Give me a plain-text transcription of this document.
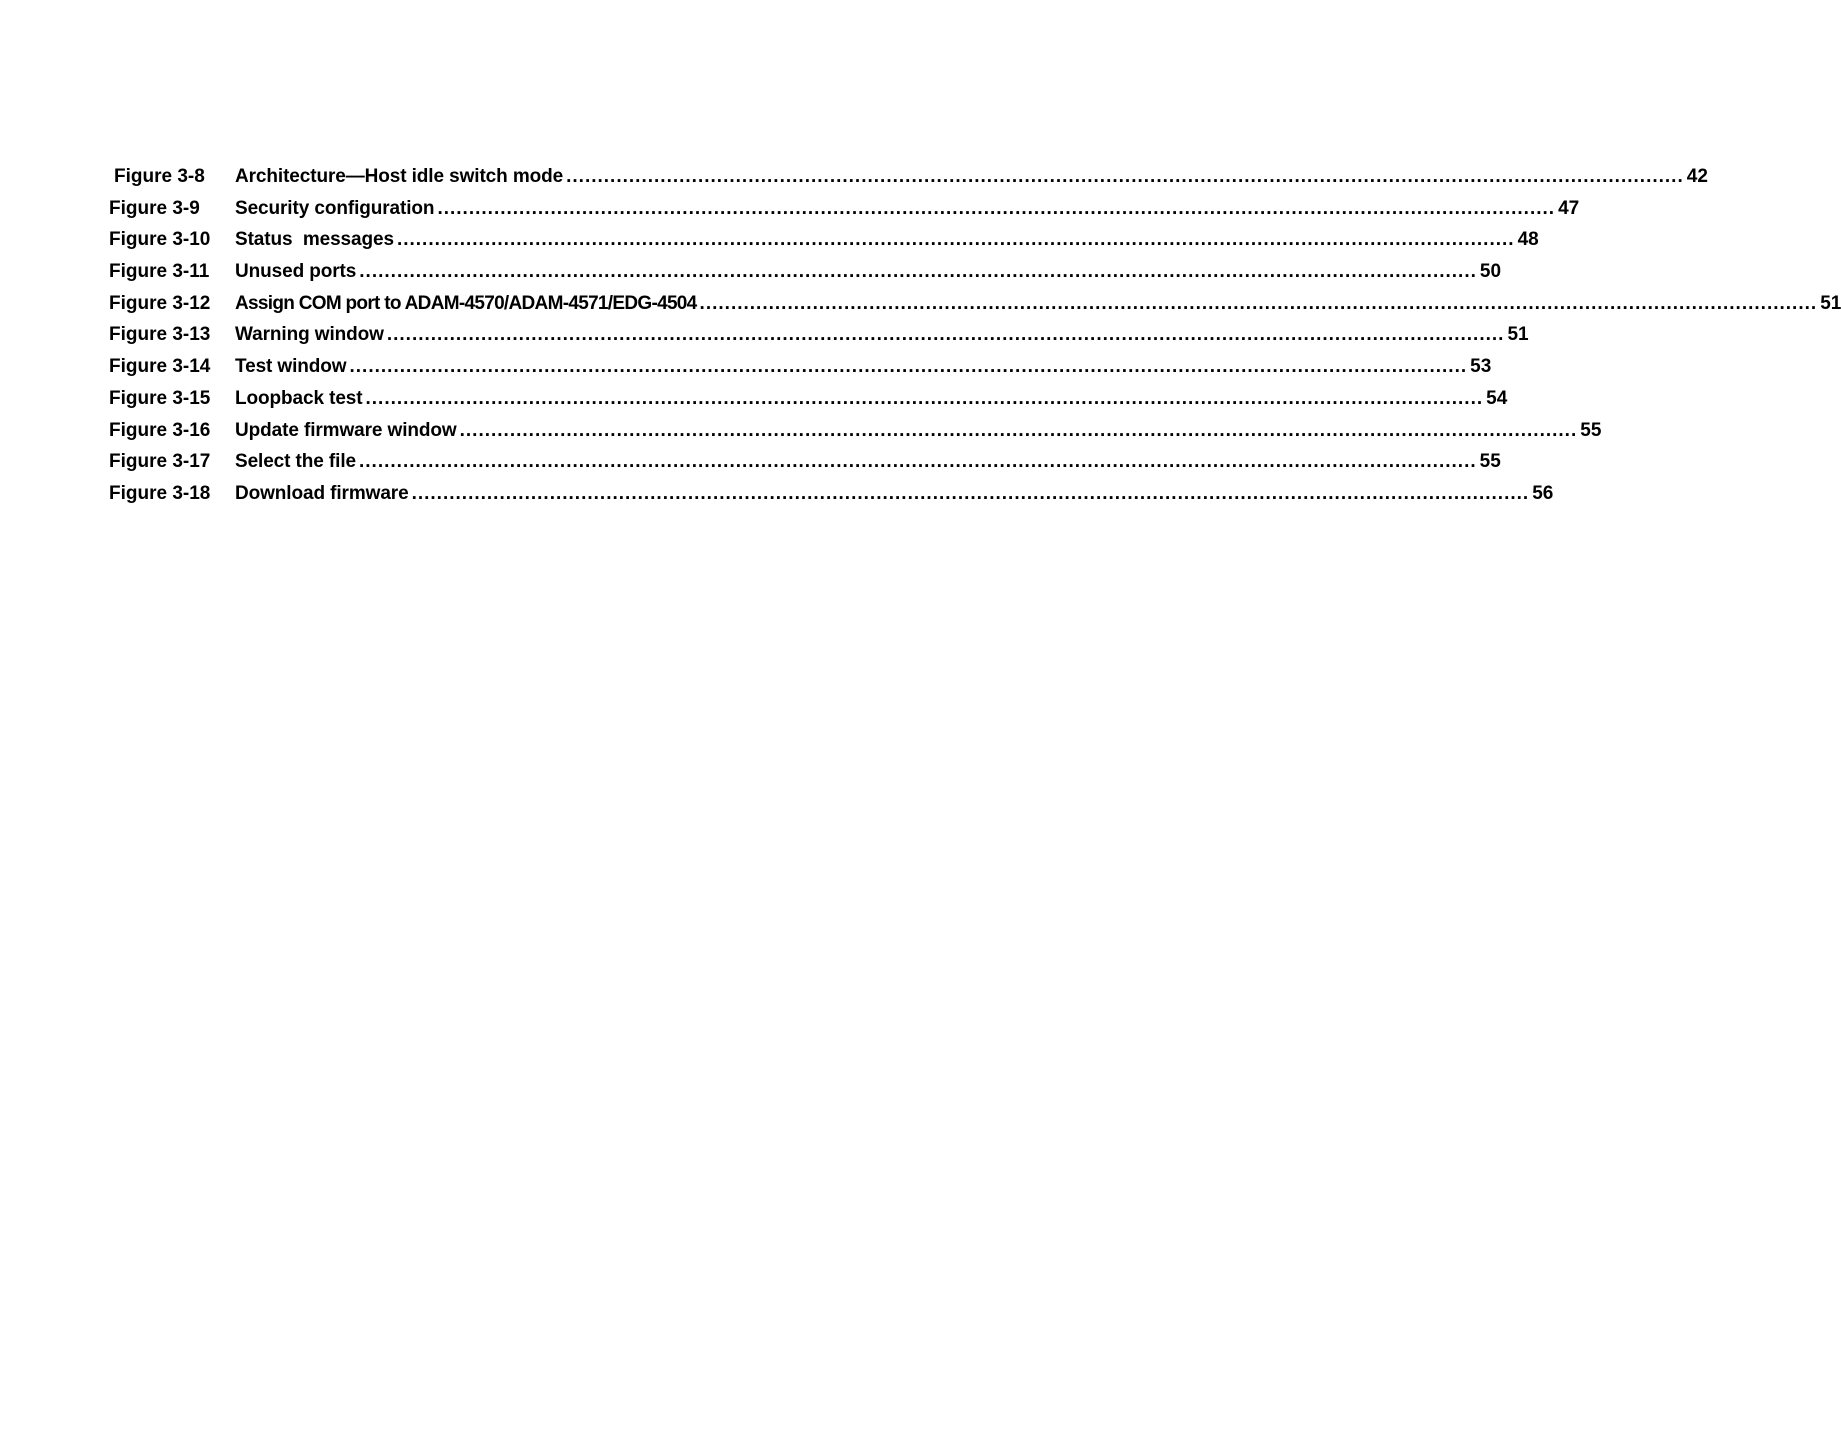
Figure 3-8	Architecture—Host idle switch mode .....	42
Figure 3-9	Security configuration .....	47
Figure 3-10	Status  messages .....	48
Figure 3-11	Unused ports .....	50
Figure 3-12	Assign COM port to ADAM-4570/ADAM-4571/EDG-4504 .....	51
Figure 3-13	Warning window .....	51
Figure 3-14	Test window .....	53
Figure 3-15	Loopback test .....	54
Figure 3-16	Update firmware window .....	55
Figure 3-17	Select the file .....	55
Figure 3-18	Download firmware .....	56
